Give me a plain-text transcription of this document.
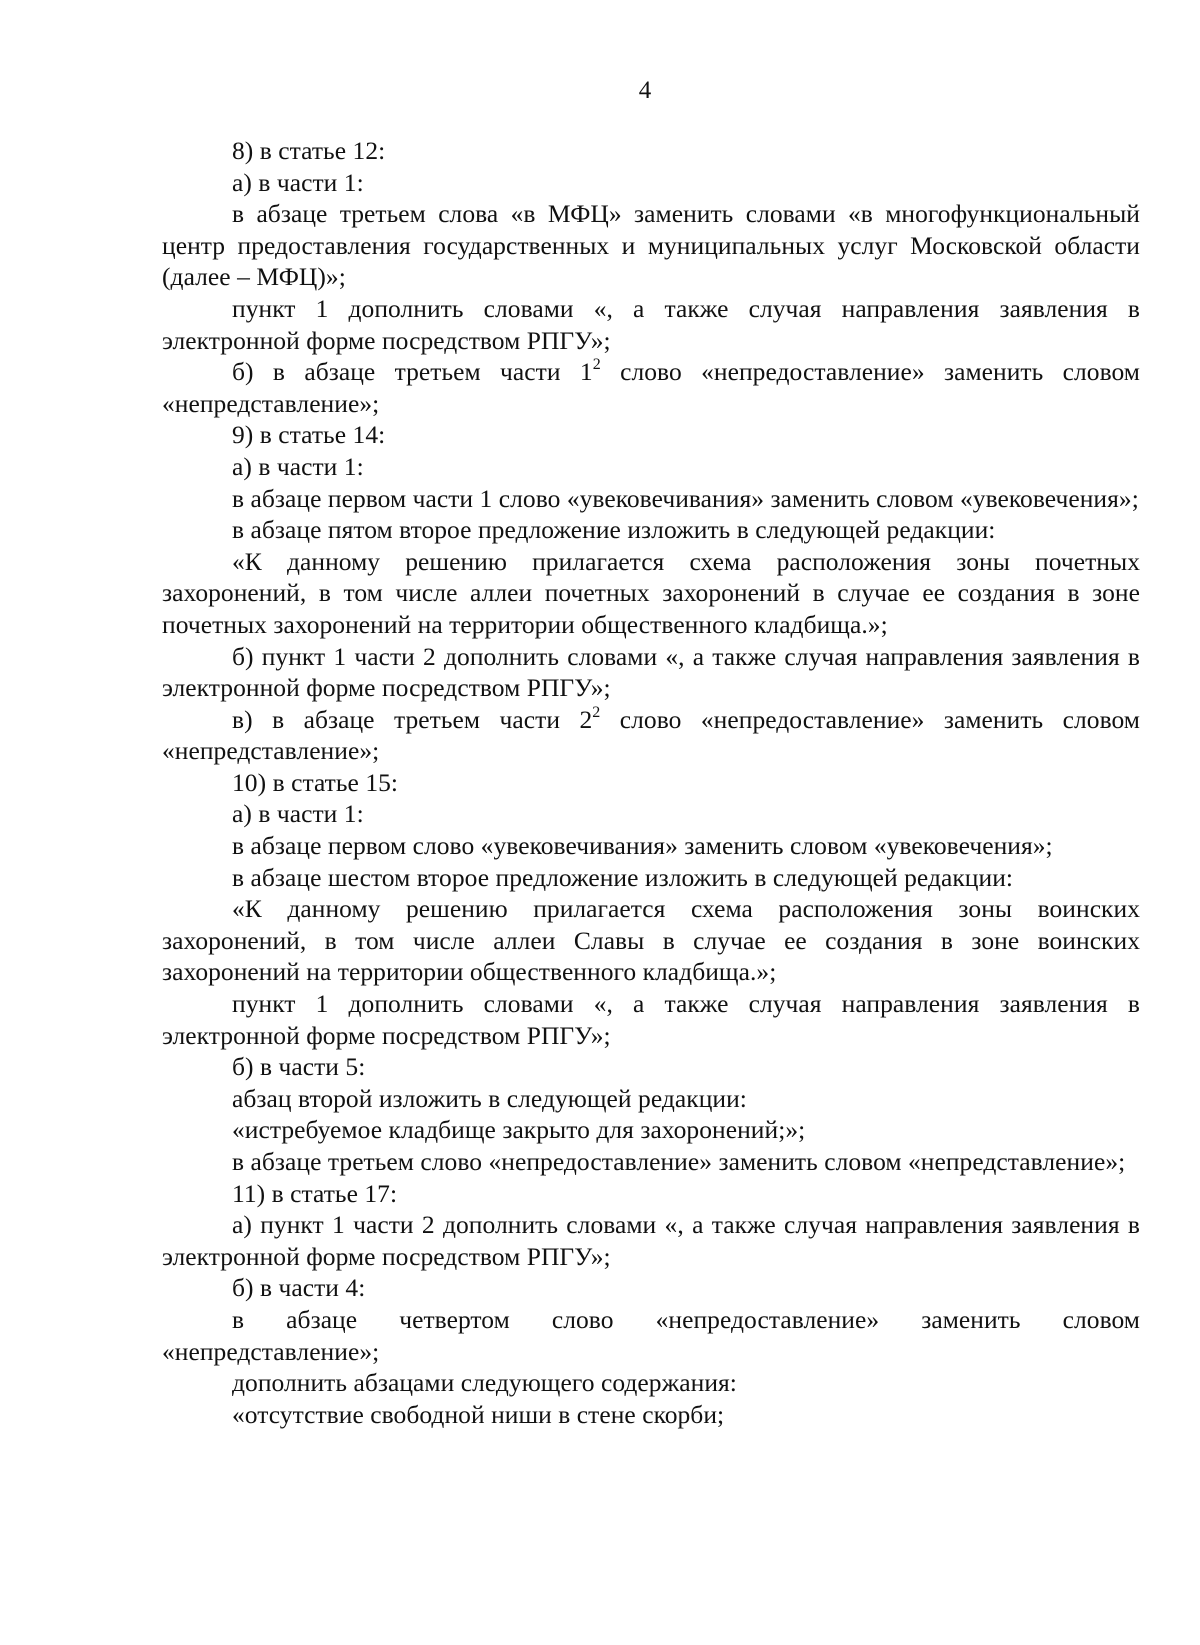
4

8) в статье 12:

а) в части 1:

в абзаце третьем слова «в МФЦ» заменить словами «в многофункциональный центр предоставления государственных и муниципальных услуг Московской области (далее – МФЦ)»;

пункт 1 дополнить словами «, а также случая направления заявления в электронной форме посредством РПГУ»;

б) в абзаце третьем части $1^2$ слово «непредоставление» заменить словом «непредставление»;

9) в статье 14:

а) в части 1:

в абзаце первом части 1 слово «увековечивания» заменить словом «увековечения»;

в абзаце пятом второе предложение изложить в следующей редакции:

«К данному решению прилагается схема расположения зоны почетных захоронений, в том числе аллеи почетных захоронений в случае ее создания в зоне почетных захоронений на территории общественного кладбища.»;

б) пункт 1 части 2 дополнить словами «, а также случая направления заявления в электронной форме посредством РПГУ»;

в) в абзаце третьем части $2^2$ слово «непредоставление» заменить словом «непредставление»;

10) в статье 15:

а) в части 1:

в абзаце первом слово «увековечивания» заменить словом «увековечения»;

в абзаце шестом второе предложение изложить в следующей редакции:

«К данному решению прилагается схема расположения зоны воинских захоронений, в том числе аллеи Славы в случае ее создания в зоне воинских захоронений на территории общественного кладбища.»;

пункт 1 дополнить словами «, а также случая направления заявления в электронной форме посредством РПГУ»;

б) в части 5:

абзац второй изложить в следующей редакции:

«истребуемое кладбище закрыто для захоронений;»;

в абзаце третьем слово «непредоставление» заменить словом «непредставление»;

11) в статье 17:

а) пункт 1 части 2 дополнить словами «, а также случая направления заявления в электронной форме посредством РПГУ»;

б) в части 4:

в абзаце четвертом слово «непредоставление» заменить словом «непредставление»;

дополнить абзацами следующего содержания:

«отсутствие свободной ниши в стене скорби;
